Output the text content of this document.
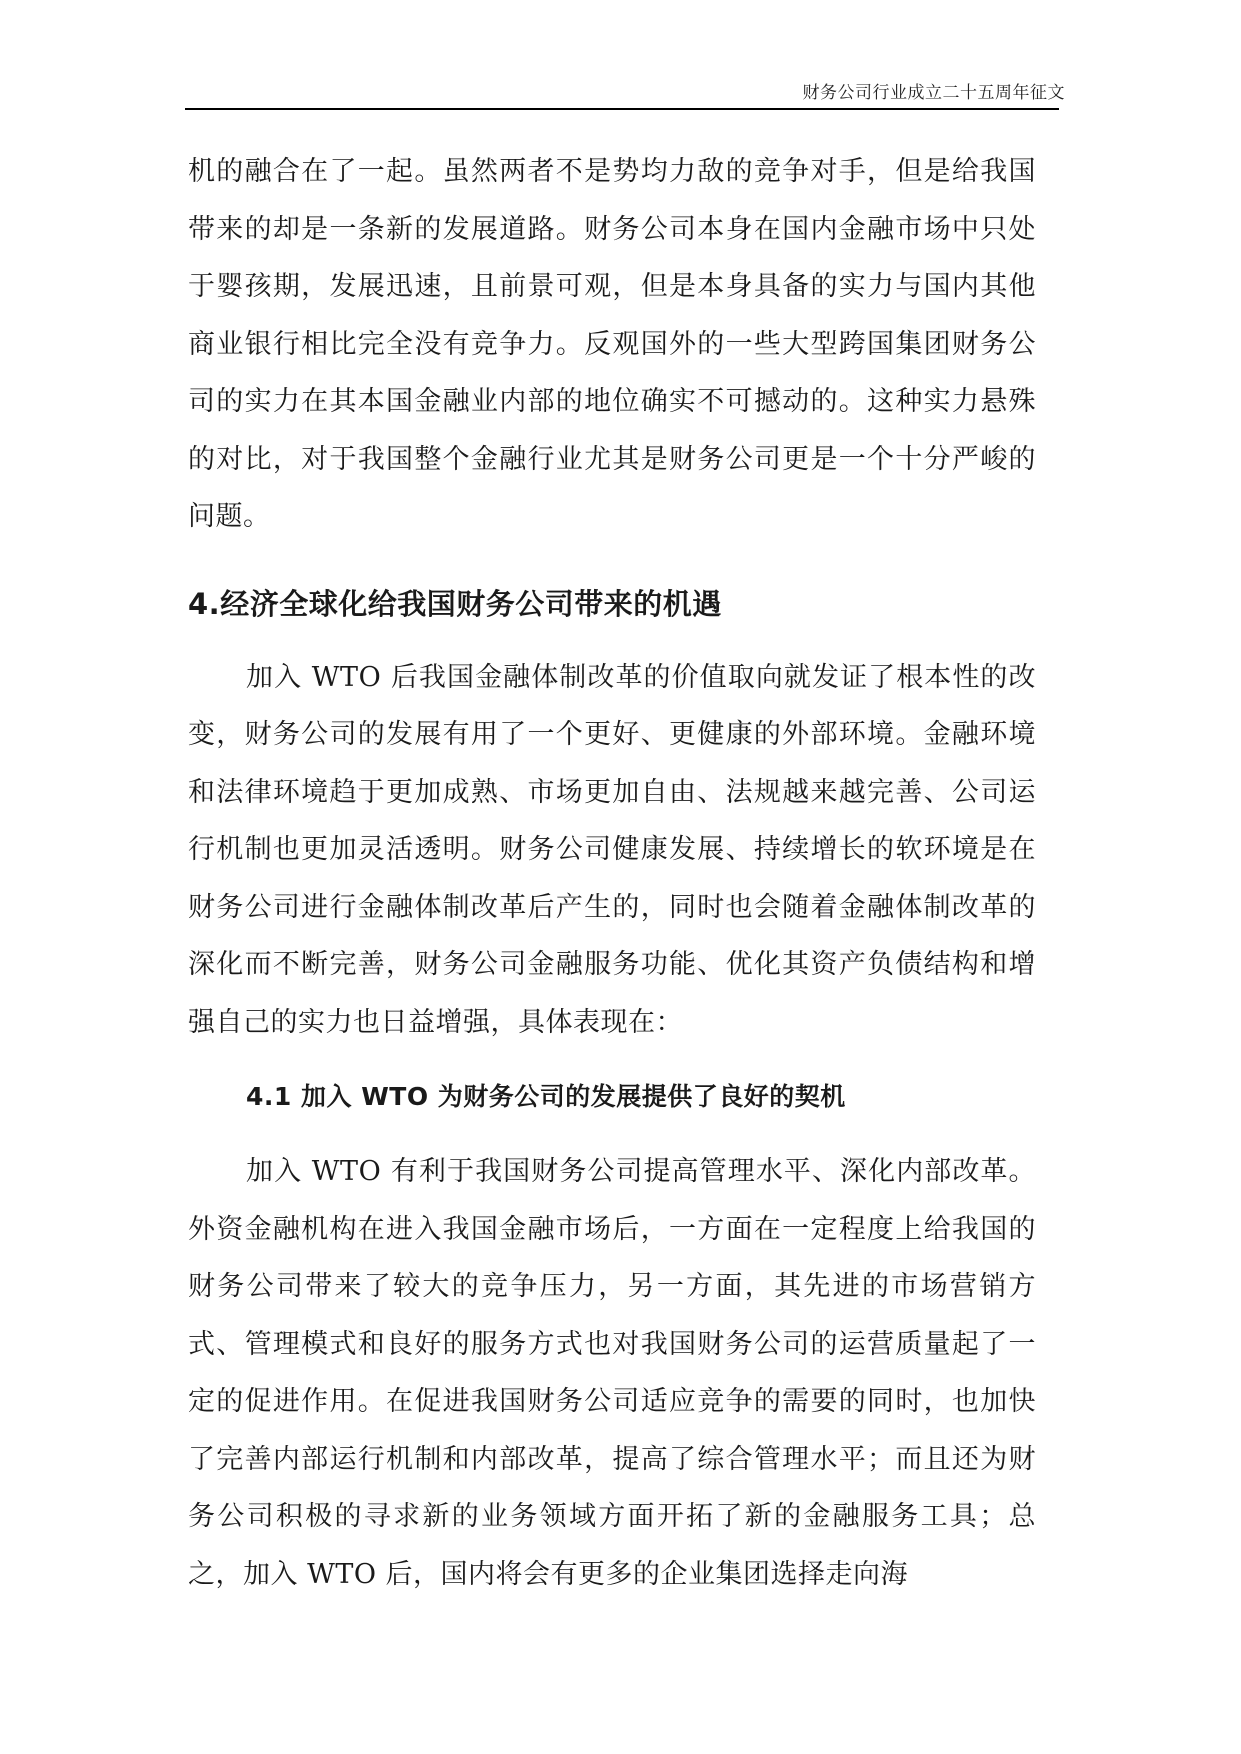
财务公司行业成立二十五周年征文

机的融合在了一起。虽然两者不是势均力敌的竞争对手，但是给我国带来的却是一条新的发展道路。财务公司本身在国内金融市场中只处于婴孩期，发展迅速，且前景可观，但是本身具备的实力与国内其他商业银行相比完全没有竞争力。反观国外的一些大型跨国集团财务公司的实力在其本国金融业内部的地位确实不可撼动的。这种实力悬殊的对比，对于我国整个金融行业尤其是财务公司更是一个十分严峻的问题。

4.经济全球化给我国财务公司带来的机遇

加入 WTO 后我国金融体制改革的价值取向就发证了根本性的改变，财务公司的发展有用了一个更好、更健康的外部环境。金融环境和法律环境趋于更加成熟、市场更加自由、法规越来越完善、公司运行机制也更加灵活透明。财务公司健康发展、持续增长的软环境是在财务公司进行金融体制改革后产生的，同时也会随着金融体制改革的深化而不断完善，财务公司金融服务功能、优化其资产负债结构和增强自己的实力也日益增强，具体表现在：

4.1 加入 WTO 为财务公司的发展提供了良好的契机

加入 WTO 有利于我国财务公司提高管理水平、深化内部改革。外资金融机构在进入我国金融市场后，一方面在一定程度上给我国的财务公司带来了较大的竞争压力，另一方面，其先进的市场营销方式、管理模式和良好的服务方式也对我国财务公司的运营质量起了一定的促进作用。在促进我国财务公司适应竞争的需要的同时，也加快了完善内部运行机制和内部改革，提高了综合管理水平；而且还为财务公司积极的寻求新的业务领域方面开拓了新的金融服务工具；总之，加入 WTO 后，国内将会有更多的企业集团选择走向海
